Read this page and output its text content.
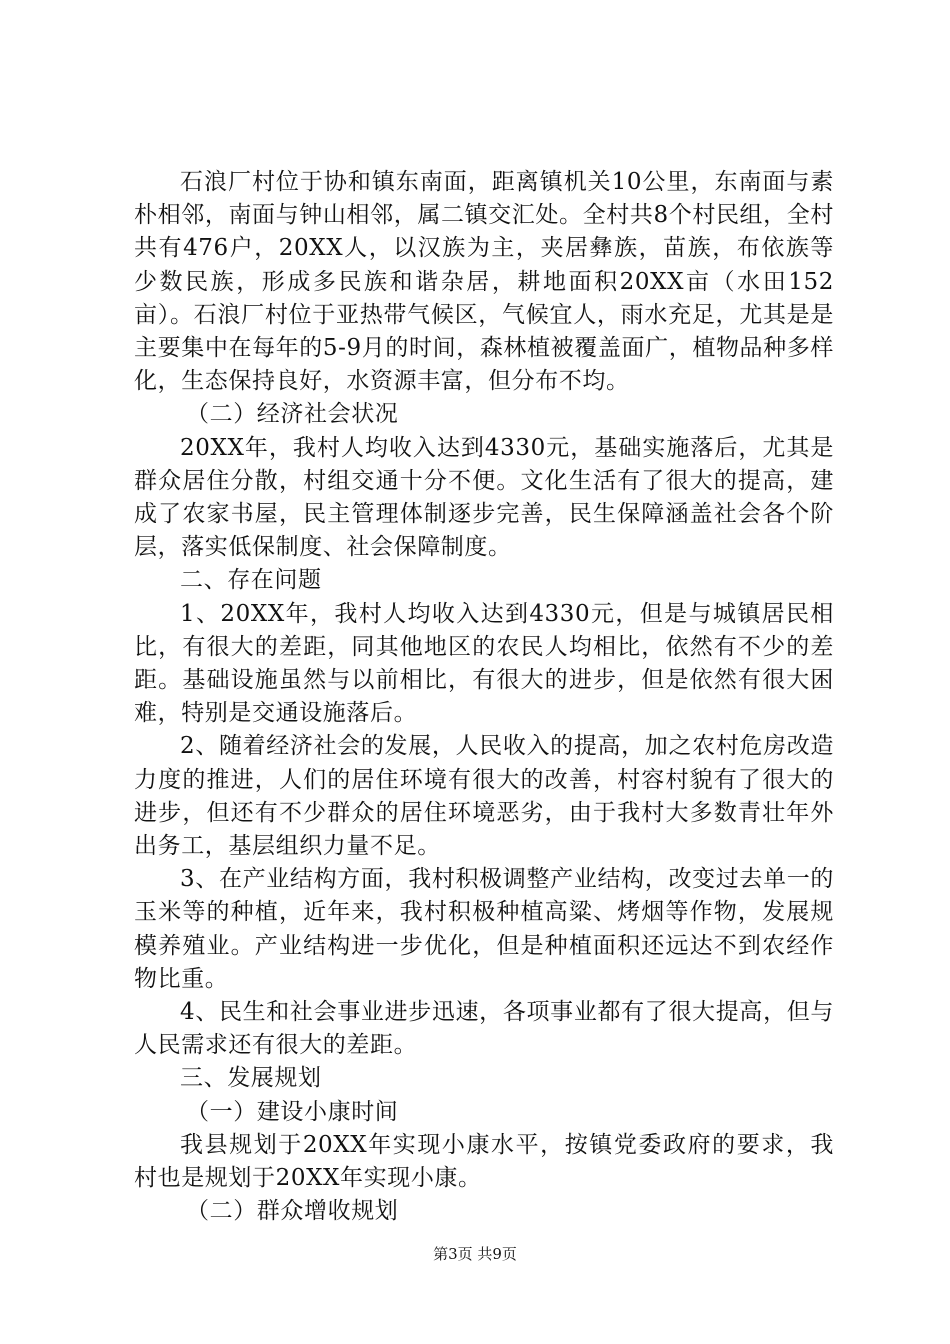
石浪厂村位于协和镇东南面，距离镇机关10公里，东南面与素朴相邻，南面与钟山相邻，属二镇交汇处。全村共8个村民组，全村共有476户，20XX人，以汉族为主，夹居彝族，苗族，布依族等少数民族，形成多民族和谐杂居，耕地面积20XX亩（水田152亩）。石浪厂村位于亚热带气候区，气候宜人，雨水充足，尤其是是主要集中在每年的5-9月的时间，森林植被覆盖面广，植物品种多样化，生态保持良好，水资源丰富，但分布不均。

（二）经济社会状况

20XX年，我村人均收入达到4330元，基础实施落后，尤其是群众居住分散，村组交通十分不便。文化生活有了很大的提高，建成了农家书屋，民主管理体制逐步完善，民生保障涵盖社会各个阶层，落实低保制度、社会保障制度。

二、存在问题

1、20XX年，我村人均收入达到4330元，但是与城镇居民相比，有很大的差距，同其他地区的农民人均相比，依然有不少的差距。基础设施虽然与以前相比，有很大的进步，但是依然有很大困难，特别是交通设施落后。

2、随着经济社会的发展，人民收入的提高，加之农村危房改造力度的推进，人们的居住环境有很大的改善，村容村貌有了很大的进步，但还有不少群众的居住环境恶劣，由于我村大多数青壮年外出务工，基层组织力量不足。

3、在产业结构方面，我村积极调整产业结构，改变过去单一的玉米等的种植，近年来，我村积极种植高粱、烤烟等作物，发展规模养殖业。产业结构进一步优化，但是种植面积还远达不到农经作物比重。

4、民生和社会事业进步迅速，各项事业都有了很大提高，但与人民需求还有很大的差距。

三、发展规划

（一）建设小康时间

我县规划于20XX年实现小康水平，按镇党委政府的要求，我村也是规划于20XX年实现小康。

（二）群众增收规划

第3页 共9页
